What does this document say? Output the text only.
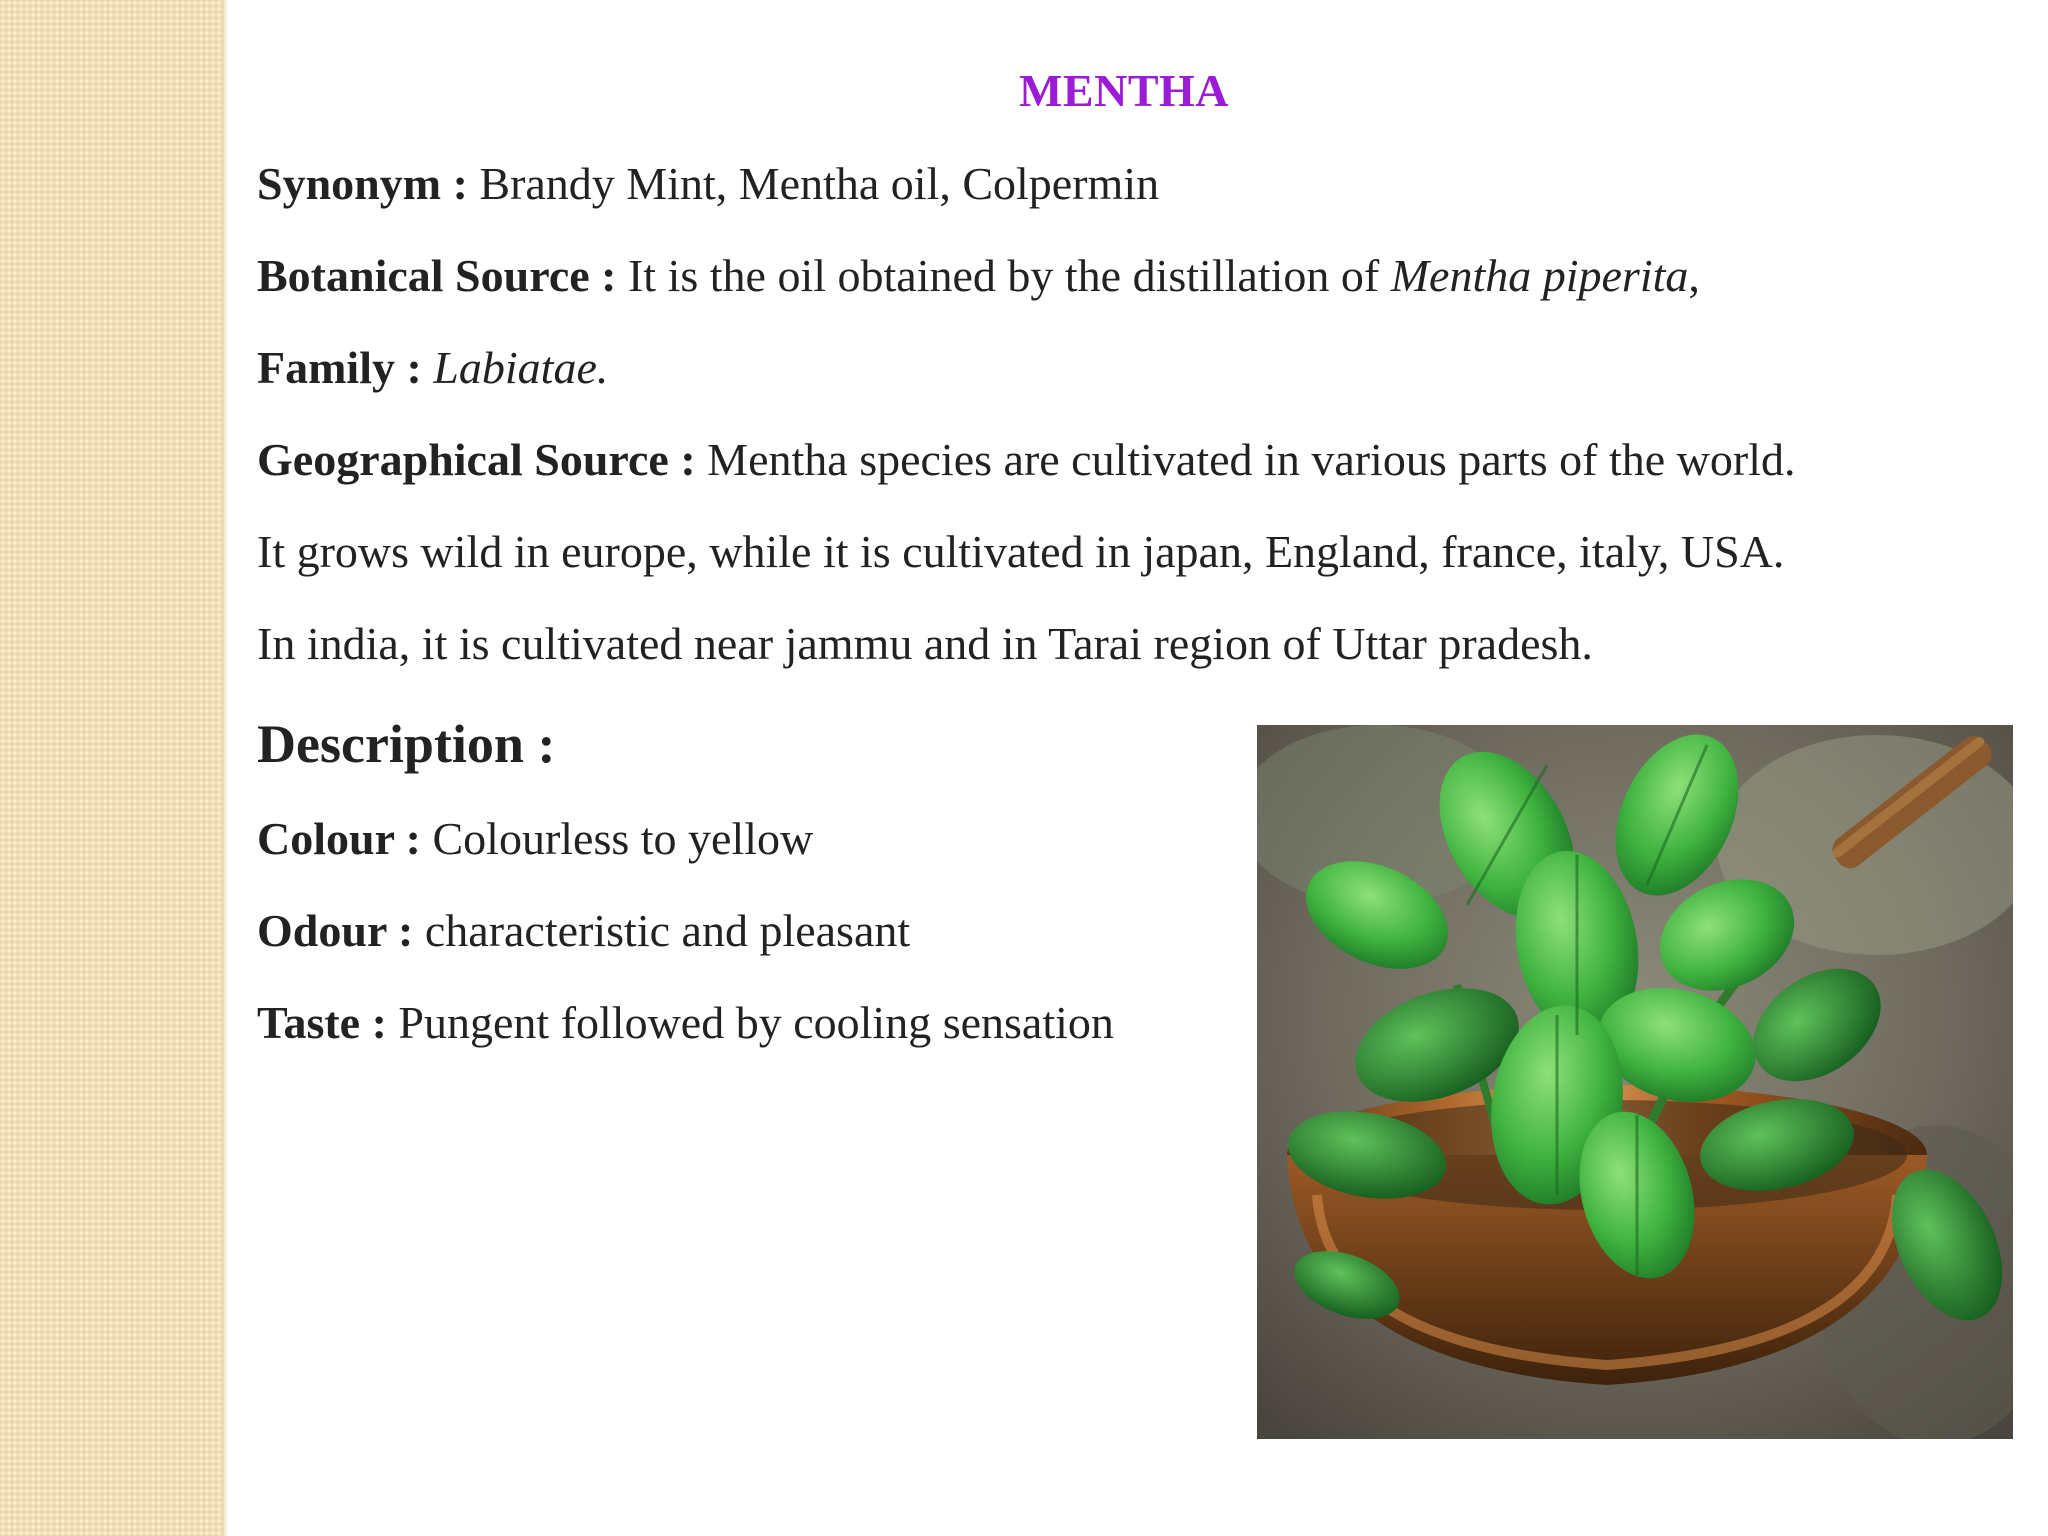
MENTHA
Synonym : Brandy Mint, Mentha oil, Colpermin
Botanical Source : It is the oil obtained by the distillation of Mentha piperita,
Family : Labiatae.
Geographical Source : Mentha species are cultivated in various parts of the world.
It grows wild in europe, while it is cultivated in japan, England, france, italy, USA.
In india, it is cultivated near jammu and in Tarai region of Uttar pradesh.
Description :
Colour : Colourless to yellow
Odour : characteristic and pleasant
Taste : Pungent followed by cooling sensation
